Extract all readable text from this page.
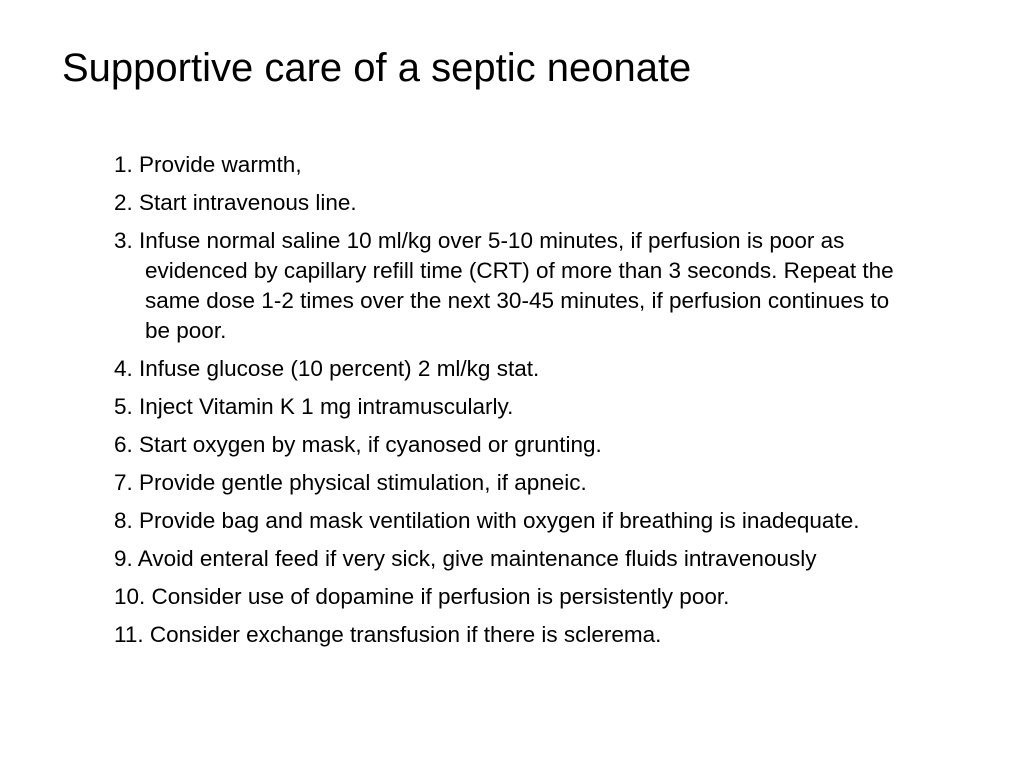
Supportive care of a septic neonate
1. Provide warmth,
2. Start intravenous line.
3. Infuse normal saline 10 ml/kg over 5-10 minutes, if perfusion is poor as evidenced by capillary refill time (CRT) of more than 3 seconds. Repeat the same dose 1-2 times over the next 30-45 minutes, if perfusion continues to be poor.
4. Infuse glucose (10 percent) 2 ml/kg stat.
5. Inject Vitamin K 1 mg intramuscularly.
6. Start oxygen by mask, if cyanosed or grunting.
7. Provide gentle physical stimulation, if apneic.
8. Provide bag and mask ventilation with oxygen if breathing is inadequate.
9. Avoid enteral feed if very sick, give maintenance fluids intravenously
10. Consider use of dopamine if perfusion is persistently poor.
11. Consider exchange transfusion if there is sclerema.
